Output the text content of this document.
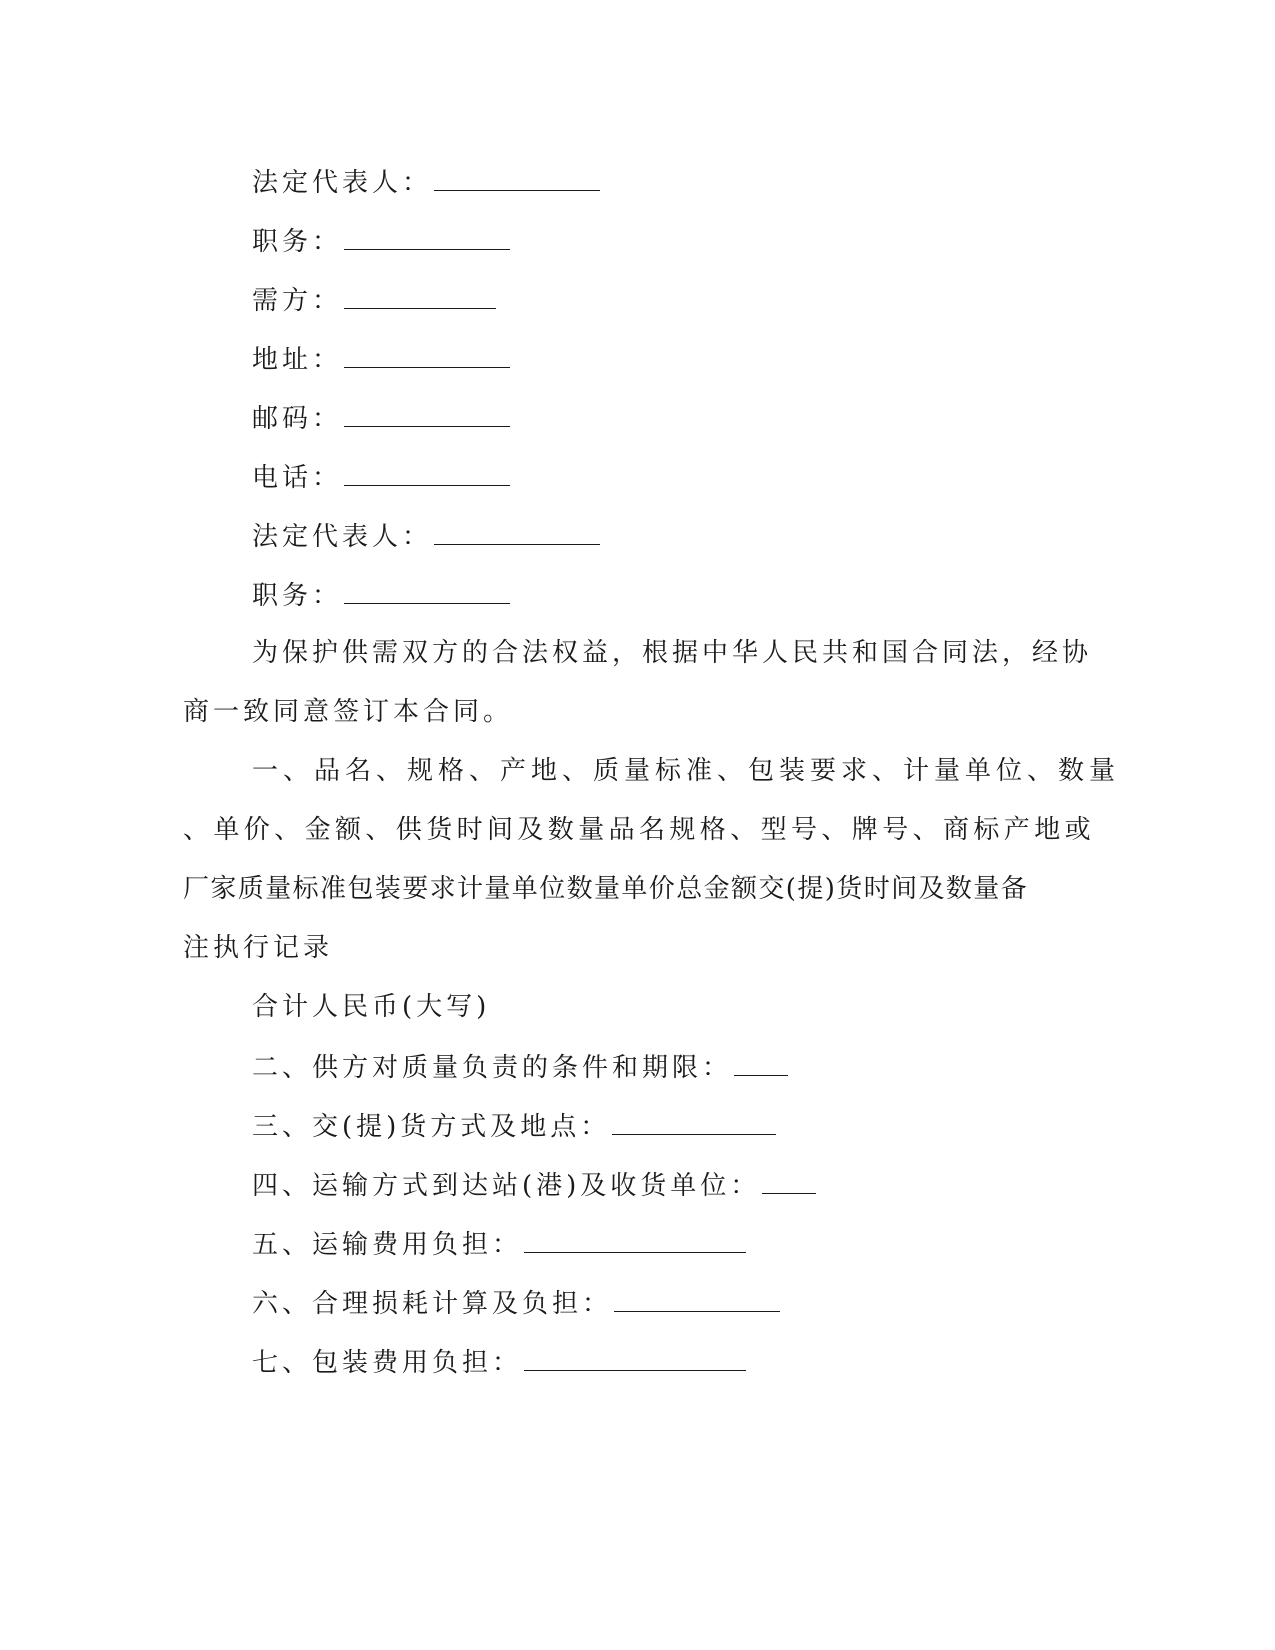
法定代表人：
职务：
需方：
地址：
邮码：
电话：
法定代表人：
职务：
为保护供需双方的合法权益，根据中华人民共和国合同法，经协
商一致同意签订本合同。
一、品名、规格、产地、质量标准、包装要求、计量单位、数量
、单价、金额、供货时间及数量品名规格、型号、牌号、商标产地或
厂家质量标准包装要求计量单位数量单价总金额交(提)货时间及数量备
注执行记录
合计人民币(大写)
二、供方对质量负责的条件和期限：
三、交(提)货方式及地点：
四、运输方式到达站(港)及收货单位：
五、运输费用负担：
六、合理损耗计算及负担：
七、包装费用负担：
